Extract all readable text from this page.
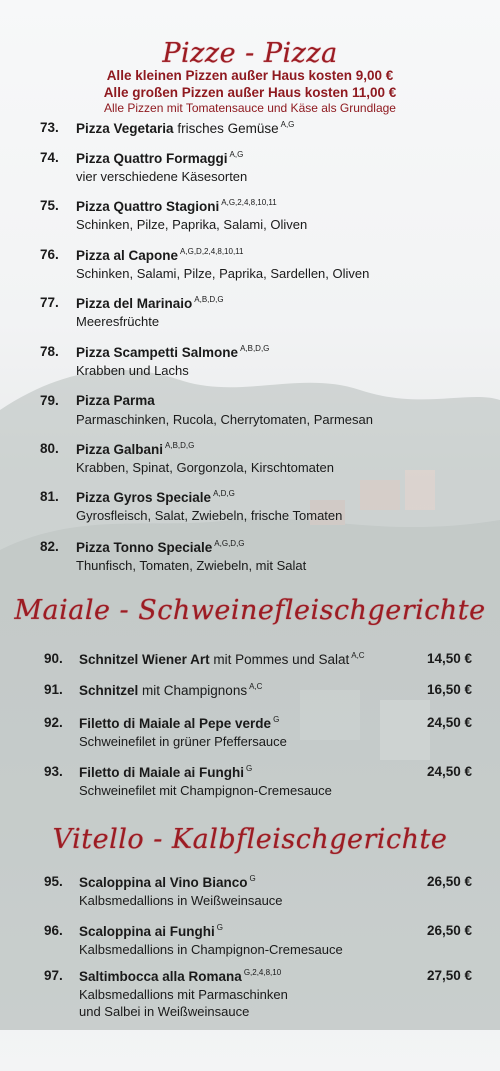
Pizze - Pizza
Alle kleinen Pizzen außer Haus kosten 9,00 €
Alle großen Pizzen außer Haus kosten 11,00 €
Alle Pizzen mit Tomatensauce und Käse als Grundlage
73. Pizza Vegetaria frisches Gemüse $^{A,G}$
74. Pizza Quattro Formaggi $^{A,G}$
vier verschiedene Käsesorten
75. Pizza Quattro Stagioni $^{A,G,2,4,8,10,11}$
Schinken, Pilze, Paprika, Salami, Oliven
76. Pizza al Capone $^{A,G,D,2,4,8,10,11}$
Schinken, Salami, Pilze, Paprika, Sardellen, Oliven
77. Pizza del Marinaio $^{A,B,D,G}$
Meeresfrüchte
78. Pizza Scampetti Salmone $^{A,B,D,G}$
Krabben und Lachs
79. Pizza Parma
Parmaschinken, Rucola, Cherrytomaten, Parmesan
80. Pizza Galbani $^{A,B,D,G}$
Krabben, Spinat, Gorgonzola, Kirschtomaten
81. Pizza Gyros Speciale $^{A,D,G}$
Gyrosfleisch, Salat, Zwiebeln, frische Tomaten
82. Pizza Tonno Speciale $^{A,G,D,G}$
Thunfisch, Tomaten, Zwiebeln, mit Salat
Maiale - Schweinefleischgerichte
90. Schnitzel Wiener Art mit Pommes und Salat $^{A,C}$	14,50 €
91. Schnitzel mit Champignons $^{A,C}$	16,50 €
92. Filetto di Maiale al Pepe verde $^G$
Schweinefilet in grüner Pfeffersauce
24,50 €
93. Filetto di Maiale ai Funghi $^G$
Schweinefilet mit Champignon-Cremesauce
24,50 €
Vitello - Kalbfleischgerichte
95. Scaloppina al Vino Bianco $^G$
Kalbsmedallions in Weißweinsauce
26,50 €
96. Scaloppina ai Funghi $^G$
Kalbsmedallions in Champignon-Cremesauce
26,50 €
97. Saltimbocca alla Romana $^{G,2,4,8,10}$
Kalbsmedallions mit Parmaschinken
und Salbei in Weißweinsauce
27,50 €
